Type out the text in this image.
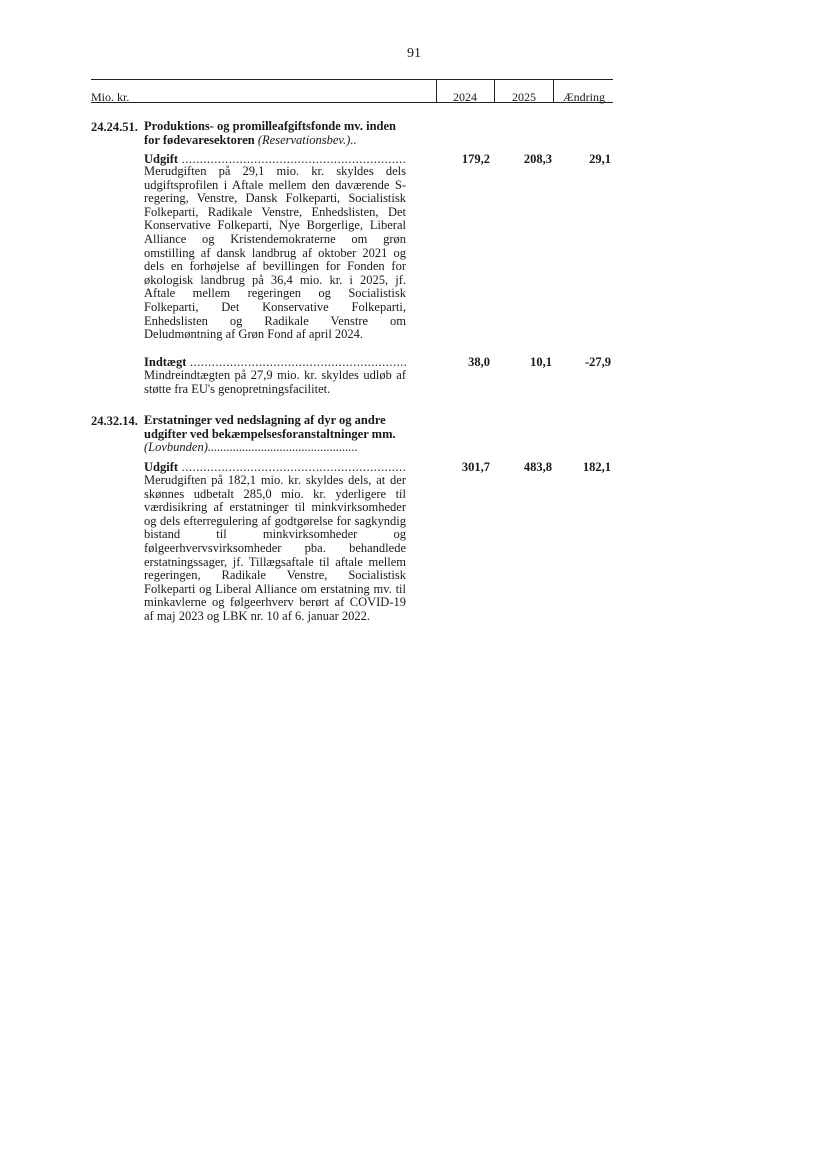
91
Mio. kr.	2024	2025	Ændring
24.24.51. Produktions- og promilleafgiftsfonde mv. inden for fødevaresektoren (Reservationsbev.)..
Udgift .....	179,2	208,3	29,1
Merudgiften på 29,1 mio. kr. skyldes dels udgiftsprofilen i Aftale mellem den daværende S-regering, Venstre, Dansk Folkeparti, Socialistisk Folkeparti, Radikale Venstre, Enhedslisten, Det Konservative Folkeparti, Nye Borgerlige, Liberal Alliance og Kristendemokraterne om grøn omstilling af dansk landbrug af oktober 2021 og dels en forhøjelse af bevillingen for Fonden for økologisk landbrug på 36,4 mio. kr. i 2025, jf. Aftale mellem regeringen og Socialistisk Folkeparti, Det Konservative Folkeparti, Enhedslisten og Radikale Venstre om Deludmøntning af Grøn Fond af april 2024.
Indtægt .....	38,0	10,1	-27,9
Mindreindtægten på 27,9 mio. kr. skyldes udløb af støtte fra EU's genopretningsfacilitet.
24.32.14. Erstatninger ved nedslagning af dyr og andre udgifter ved bekæmpelsesforanstaltninger mm. (Lovbunden)................................................
Udgift .....	301,7	483,8	182,1
Merudgiften på 182,1 mio. kr. skyldes dels, at der skønnes udbetalt 285,0 mio. kr. yderligere til værdisikring af erstatninger til minkvirksomheder og dels efterregulering af godtgørelse for sagkyndig bistand til minkvirksomheder og følgeerhvervsvirksomheder pba. behandlede erstatningssager, jf. Tillægsaftale til aftale mellem regeringen, Radikale Venstre, Socialistisk Folkeparti og Liberal Alliance om erstatning mv. til minkavlerne og følgeerhverv berørt af COVID-19 af maj 2023 og LBK nr. 10 af 6. januar 2022.
